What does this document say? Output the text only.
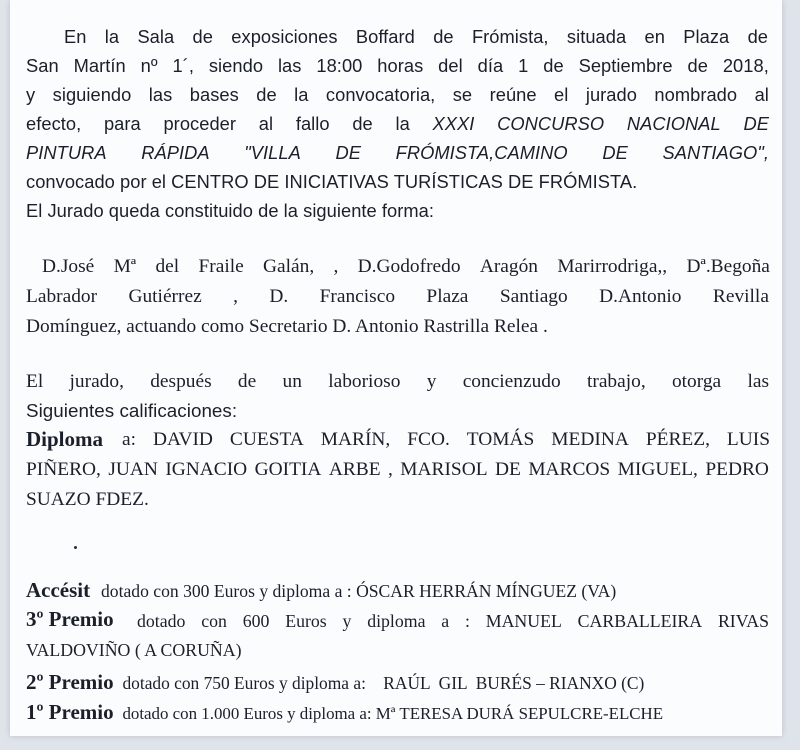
En la Sala de exposiciones Boffard de Frómista, situada en Plaza de
San Martín nº 1´, siendo las 18:00 horas del día 1 de Septiembre de 2018,
y siguiendo las bases de la convocatoria, se reúne el jurado nombrado al
efecto, para proceder al fallo de la XXXI CONCURSO NACIONAL DE
PINTURA RÁPIDA "VILLA DE FRÓMISTA,CAMINO DE SANTIAGO",
convocado por el CENTRO DE INICIATIVAS TURÍSTICAS DE FRÓMISTA.
El Jurado queda constituido de la siguiente forma:
D.José Mª del Fraile Galán, , D.Godofredo Aragón Marirrodriga,, Dª.Begoña
Labrador Gutiérrez , D. Francisco Plaza Santiago D.Antonio Revilla
Domínguez, actuando como Secretario D. Antonio Rastrilla Relea .
El jurado, después de un laborioso y concienzudo trabajo, otorga las
Siguientes calificaciones:
Diploma a: DAVID CUESTA MARÍN, FCO. TOMÁS MEDINA PÉREZ, LUIS
PIÑERO, JUAN IGNACIO GOITIA ARBE , MARISOL DE MARCOS MIGUEL, PEDRO
SUAZO FDEZ.
Accésit dotado con 300 Euros y diploma a : ÓSCAR HERRÁN MÍNGUEZ (VA)
3º Premio dotado con 600 Euros y diploma a : MANUEL CARBALLEIRA RIVAS
VALDOVIÑO ( A CORUÑA)
2º Premio dotado con 750 Euros y diploma a:    RAÚL  GIL  BURÉS – RIANXO (C)
1º Premio dotado con 1.000 Euros y diploma a: Mª TERESA DURÁ SEPULCRE-ELCHE
